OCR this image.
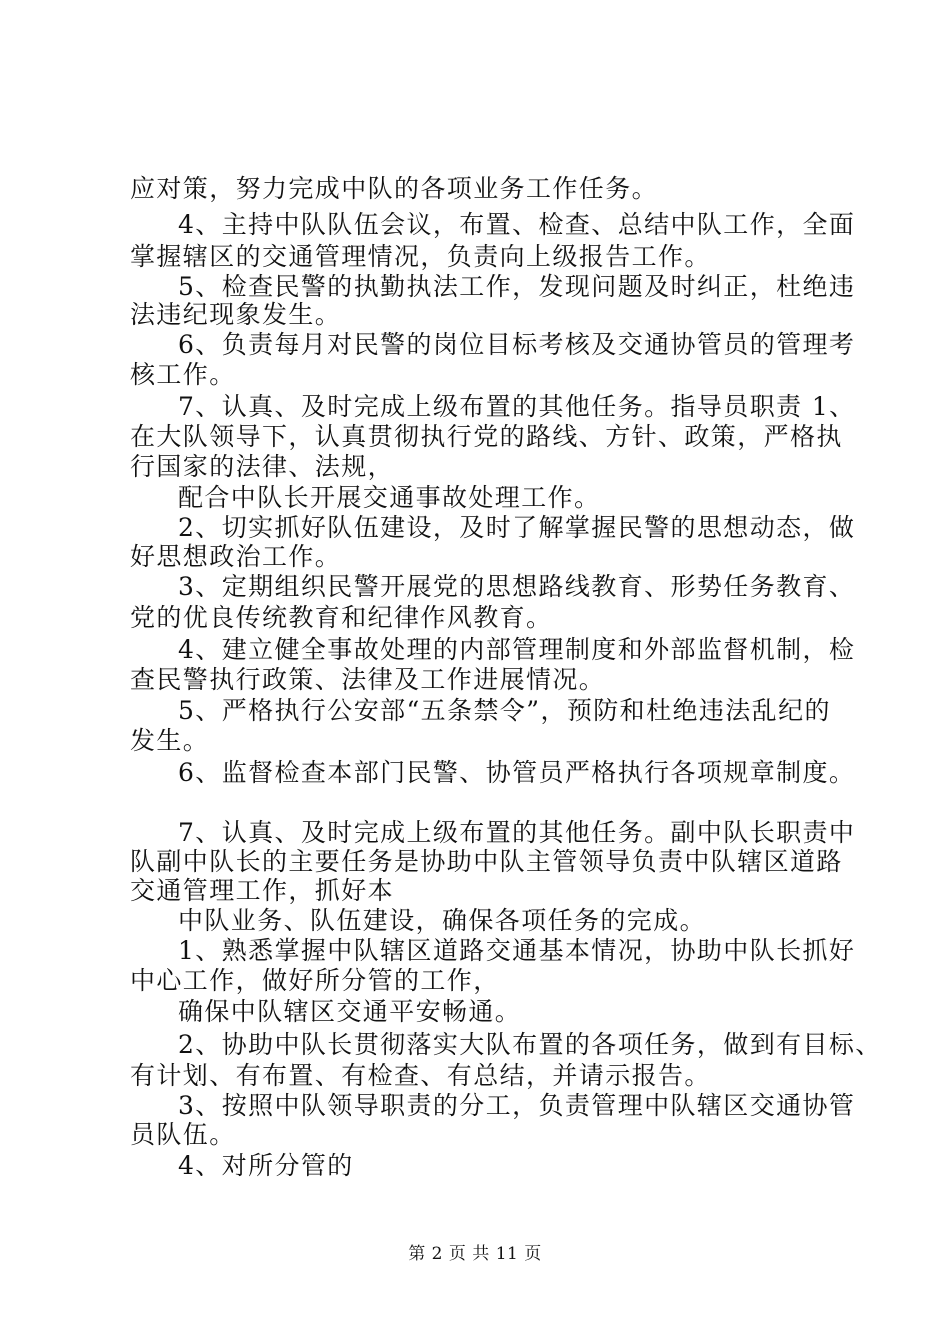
应对策，努力完成中队的各项业务工作任务。
4、主持中队队伍会议，布置、检查、总结中队工作，全面
掌握辖区的交通管理情况，负责向上级报告工作。
5、检查民警的执勤执法工作，发现问题及时纠正，杜绝违
法违纪现象发生。
6、负责每月对民警的岗位目标考核及交通协管员的管理考
核工作。
7、认真、及时完成上级布置的其他任务。指导员职责 1、
在大队领导下，认真贯彻执行党的路线、方针、政策，严格执
行国家的法律、法规，
配合中队长开展交通事故处理工作。
2、切实抓好队伍建设，及时了解掌握民警的思想动态，做
好思想政治工作。
3、定期组织民警开展党的思想路线教育、形势任务教育、
党的优良传统教育和纪律作风教育。
4、建立健全事故处理的内部管理制度和外部监督机制，检
查民警执行政策、法律及工作进展情况。
5、严格执行公安部“五条禁令”，预防和杜绝违法乱纪的
发生。
6、监督检查本部门民警、协管员严格执行各项规章制度。
7、认真、及时完成上级布置的其他任务。副中队长职责中
队副中队长的主要任务是协助中队主管领导负责中队辖区道路
交通管理工作，抓好本
中队业务、队伍建设，确保各项任务的完成。
1、熟悉掌握中队辖区道路交通基本情况，协助中队长抓好
中心工作，做好所分管的工作，
确保中队辖区交通平安畅通。
2、协助中队长贯彻落实大队布置的各项任务，做到有目标、
有计划、有布置、有检查、有总结，并请示报告。
3、按照中队领导职责的分工，负责管理中队辖区交通协管
员队伍。
4、对所分管的
第 2 页 共 11 页
